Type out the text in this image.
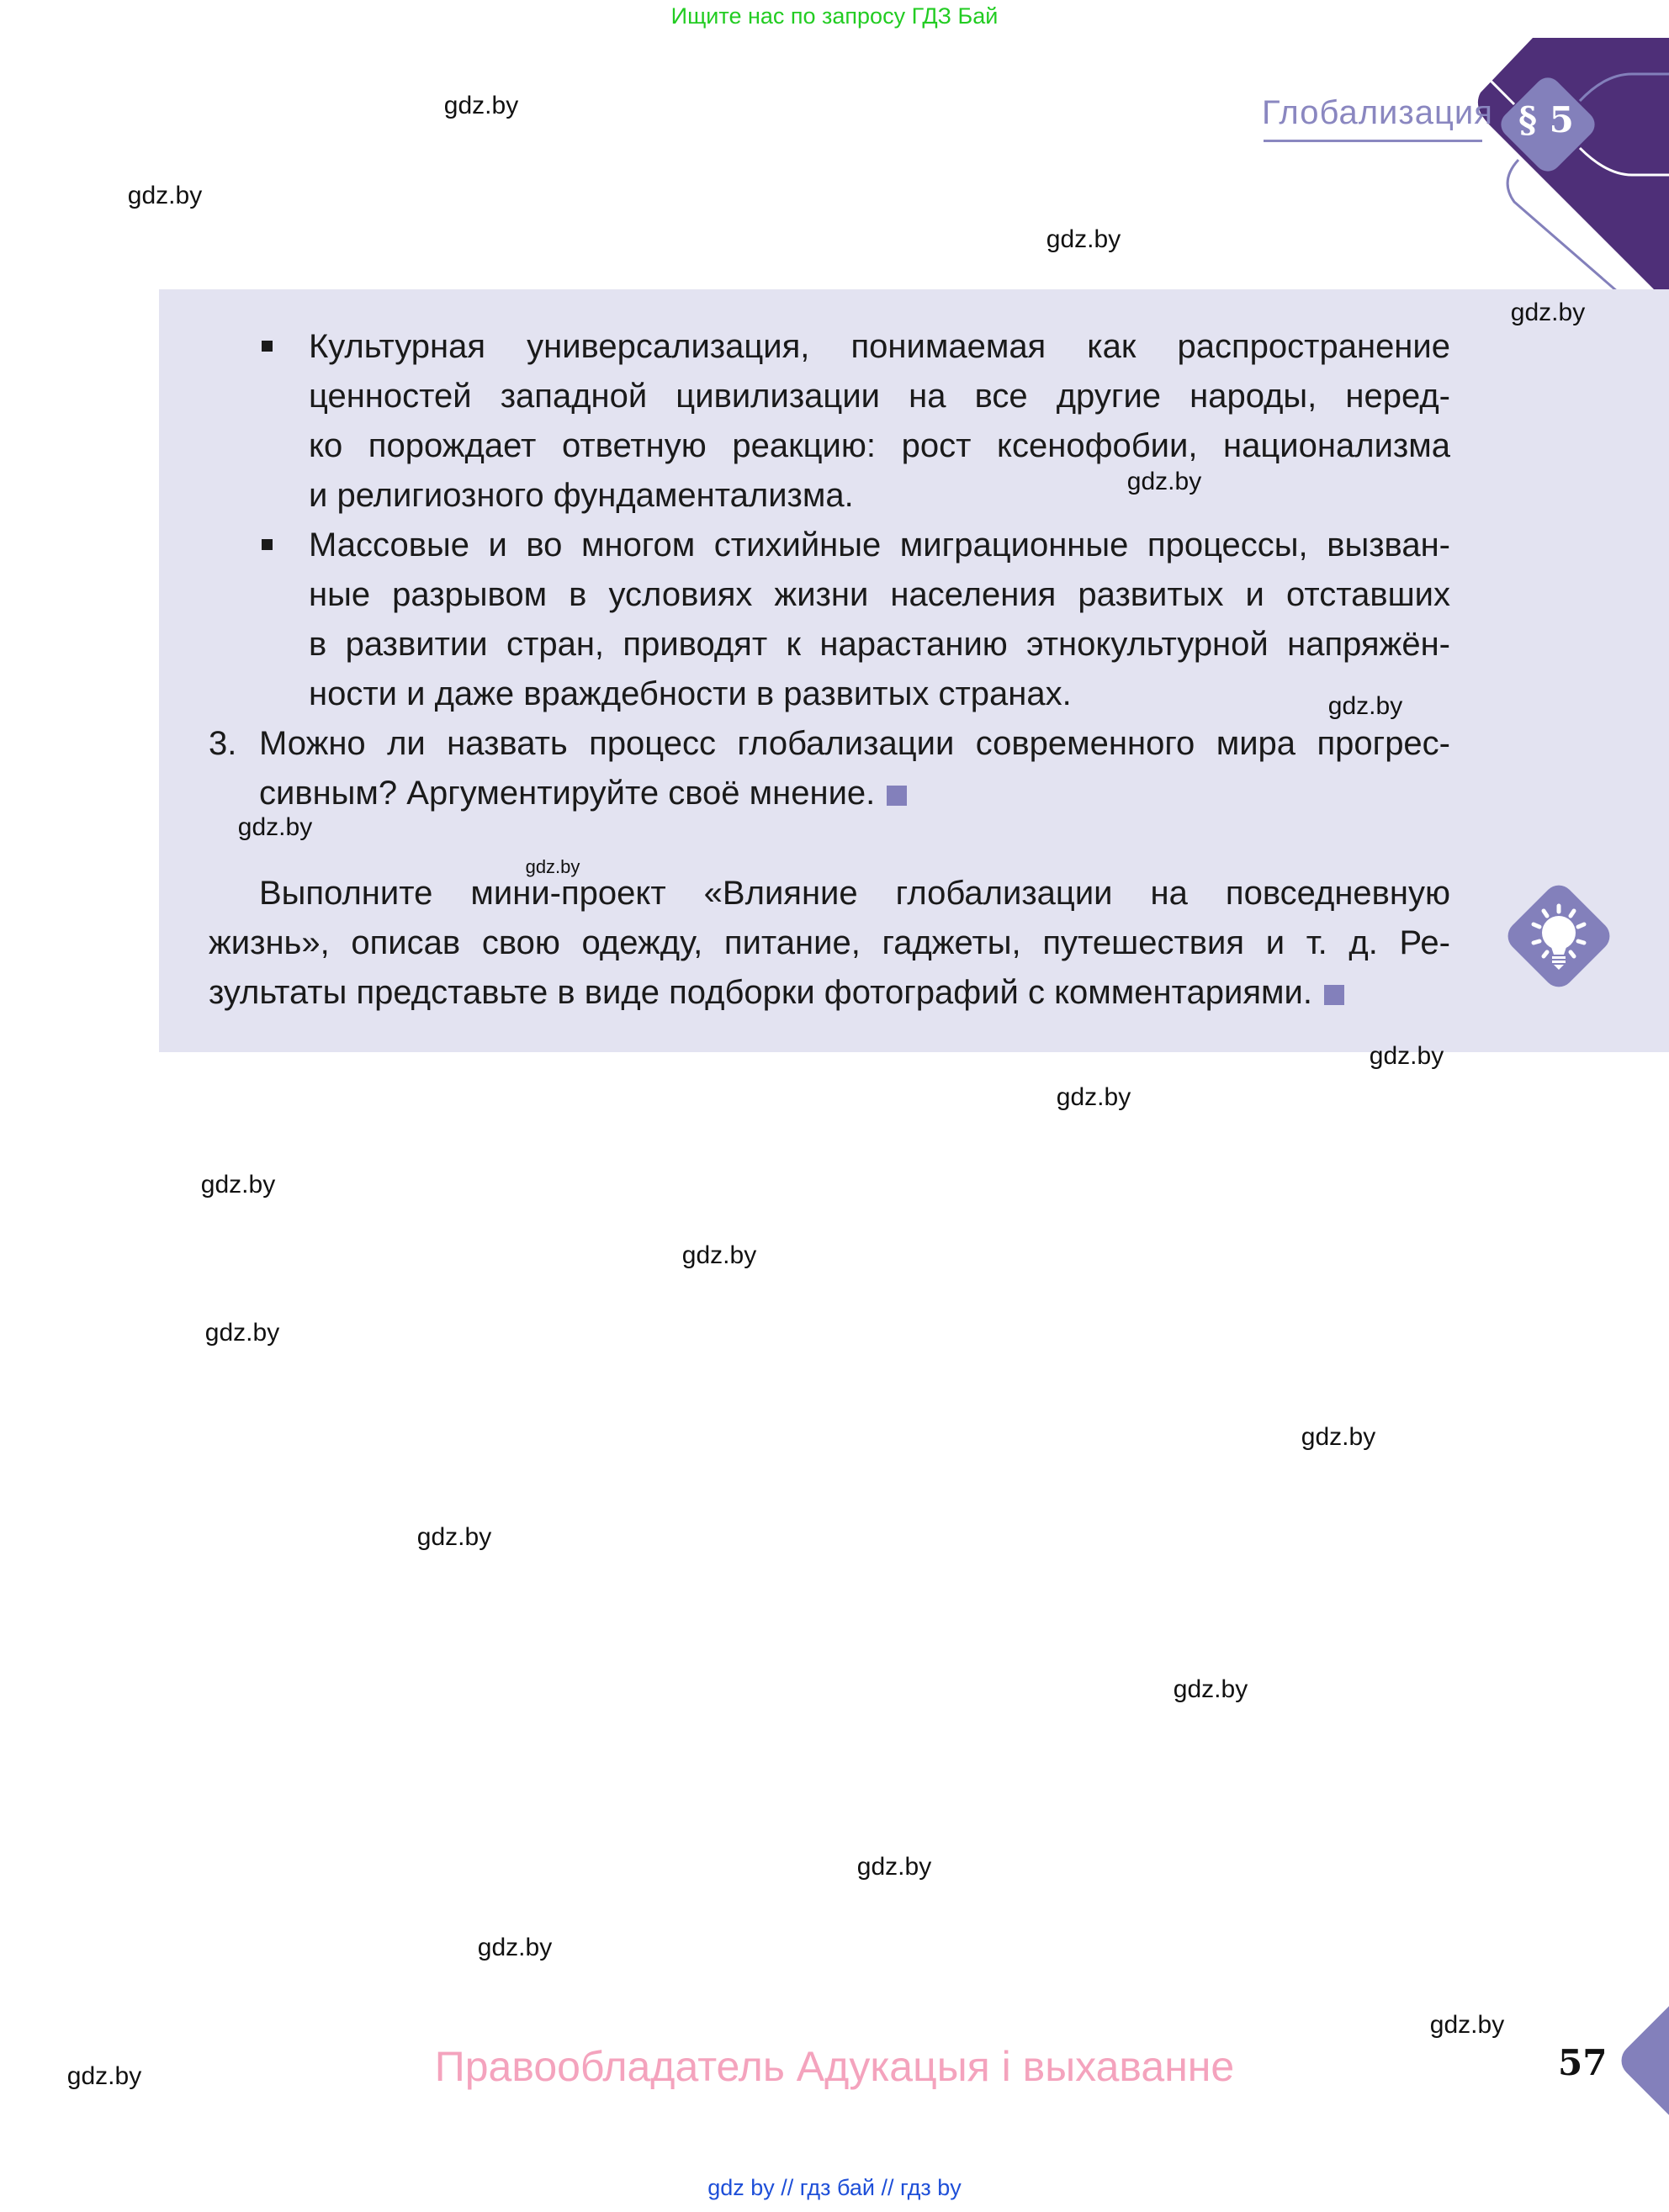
Ищите нас по запросу ГДЗ Бай
§ 5
Глобализация
Культурная универсализация, понимаемая как распространение
ценностей западной цивилизации на все другие народы, неред-
ко порождает ответную реакцию: рост ксенофобии, национализма
и религиозного фундаментализма.
Массовые и во многом стихийные миграционные процессы, вызван-
ные разрывом в условиях жизни населения развитых и отставших
в развитии стран, приводят к нарастанию этнокультурной напряжён-
ности и даже враждебности в развитых странах.
3. Можно ли назвать процесс глобализации современного мира прогрес-
сивным? Аргументируйте своё мнение.
Выполните мини-проект «Влияние глобализации на повседневную
жизнь», описав свою одежду, питание, гаджеты, путешествия и т. д. Ре-
зультаты представьте в виде подборки фотографий с комментариями.
gdz.by
gdz.by
gdz.by
gdz.by
gdz.by
gdz.by
gdz.by
gdz.by
gdz.by
gdz.by
gdz.by
gdz.by
gdz.by
gdz.by
gdz.by
gdz.by
gdz.by
gdz.by
gdz.by
gdz.by	Правообладатель Адукацыя і выхаванне	57
gdz by // гдз бай // гдз by
